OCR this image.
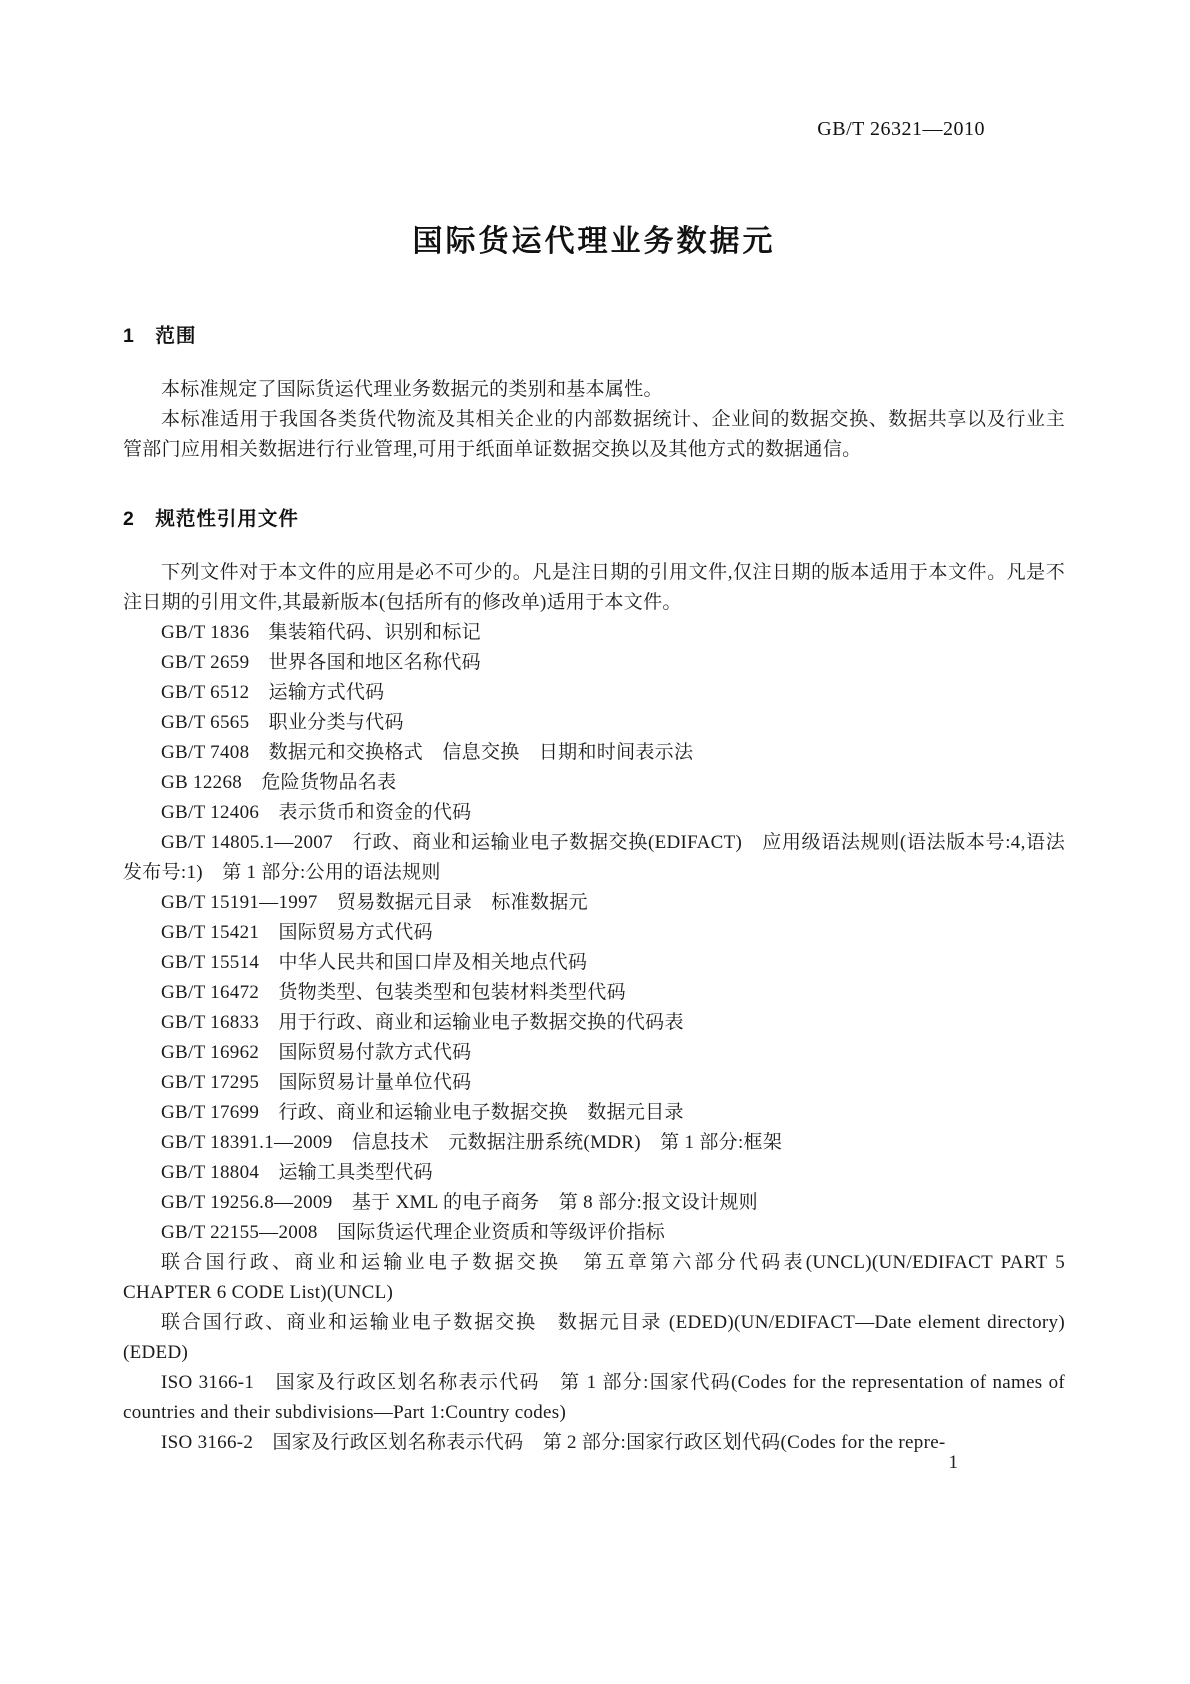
GB/T 26321—2010
国际货运代理业务数据元
1　范围

本标准规定了国际货运代理业务数据元的类别和基本属性。

本标准适用于我国各类货代物流及其相关企业的内部数据统计、企业间的数据交换、数据共享以及行业主管部门应用相关数据进行行业管理,可用于纸面单证数据交换以及其他方式的数据通信。

2　规范性引用文件

下列文件对于本文件的应用是必不可少的。凡是注日期的引用文件,仅注日期的版本适用于本文件。凡是不注日期的引用文件,其最新版本(包括所有的修改单)适用于本文件。

GB/T 1836　集装箱代码、识别和标记

GB/T 2659　世界各国和地区名称代码

GB/T 6512　运输方式代码

GB/T 6565　职业分类与代码

GB/T 7408　数据元和交换格式　信息交换　日期和时间表示法

GB 12268　危险货物品名表

GB/T 12406　表示货币和资金的代码

GB/T 14805.1—2007　行政、商业和运输业电子数据交换(EDIFACT)　应用级语法规则(语法版本号:4,语法发布号:1)　第 1 部分:公用的语法规则

GB/T 15191—1997　贸易数据元目录　标准数据元

GB/T 15421　国际贸易方式代码

GB/T 15514　中华人民共和国口岸及相关地点代码

GB/T 16472　货物类型、包装类型和包装材料类型代码

GB/T 16833　用于行政、商业和运输业电子数据交换的代码表

GB/T 16962　国际贸易付款方式代码

GB/T 17295　国际贸易计量单位代码

GB/T 17699　行政、商业和运输业电子数据交换　数据元目录

GB/T 18391.1—2009　信息技术　元数据注册系统(MDR)　第 1 部分:框架

GB/T 18804　运输工具类型代码

GB/T 19256.8—2009　基于 XML 的电子商务　第 8 部分:报文设计规则

GB/T 22155—2008　国际货运代理企业资质和等级评价指标

联合国行政、商业和运输业电子数据交换　第五章第六部分代码表(UNCL)(UN/EDIFACT PART 5 CHAPTER 6 CODE List)(UNCL)

联合国行政、商业和运输业电子数据交换　数据元目录 (EDED)(UN/EDIFACT—Date element directory)(EDED)

ISO 3166-1　国家及行政区划名称表示代码　第 1 部分:国家代码(Codes for the representation of names of countries and their subdivisions—Part 1:Country codes)

ISO 3166-2　国家及行政区划名称表示代码　第 2 部分:国家行政区划代码(Codes for the repre-

1
